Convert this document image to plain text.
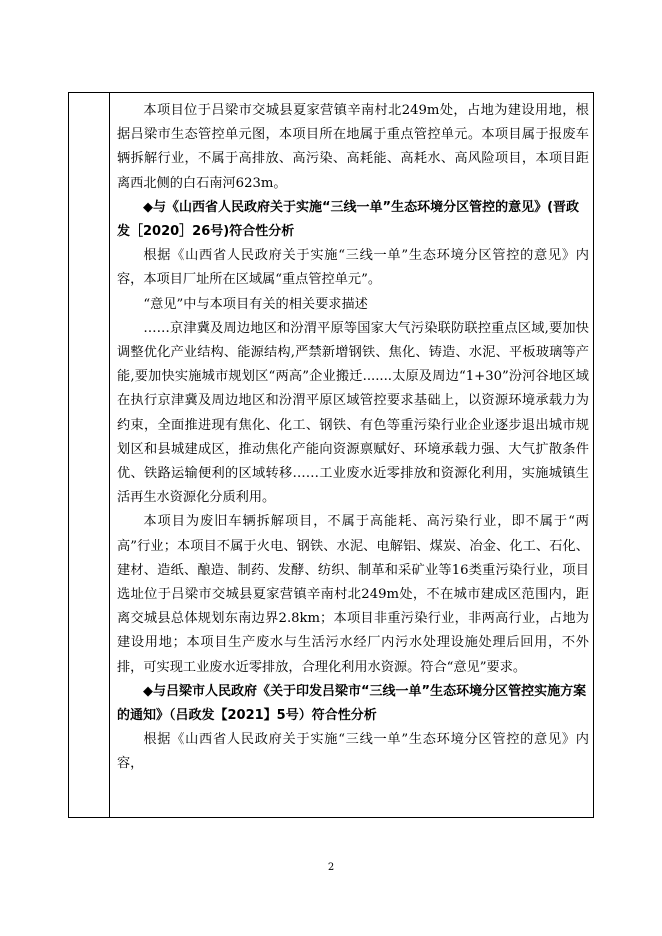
本项目位于吕梁市交城县夏家营镇辛南村北249m处，占地为建设用地，根据吕梁市生态管控单元图，本项目所在地属于重点管控单元。本项目属于报废车辆拆解行业，不属于高排放、高污染、高耗能、高耗水、高风险项目，本项目距离西北侧的白石南河623m。

◆与《山西省人民政府关于实施“三线一单”生态环境分区管控的意见》(晋政发［2020］26号)符合性分析

根据《山西省人民政府关于实施“三线一单”生态环境分区管控的意见》内容，本项目厂址所在区域属“重点管控单元”。

“意见”中与本项目有关的相关要求描述

……京津冀及周边地区和汾渭平原等国家大气污染联防联控重点区域,要加快调整优化产业结构、能源结构,严禁新增钢铁、焦化、铸造、水泥、平板玻璃等产能,要加快实施城市规划区“两高”企业搬迁.......太原及周边“1+30”汾河谷地区域在执行京津冀及周边地区和汾渭平原区域管控要求基础上，以资源环境承载力为约束，全面推进现有焦化、化工、钢铁、有色等重污染行业企业逐步退出城市规划区和县城建成区，推动焦化产能向资源禀赋好、环境承载力强、大气扩散条件优、铁路运输便利的区域转移……工业废水近零排放和资源化利用，实施城镇生活再生水资源化分质利用。

本项目为废旧车辆拆解项目，不属于高能耗、高污染行业，即不属于“两高”行业；本项目不属于火电、钢铁、水泥、电解铝、煤炭、冶金、化工、石化、建材、造纸、酿造、制药、发酵、纺织、制革和采矿业等16类重污染行业，项目选址位于吕梁市交城县夏家营镇辛南村北249m处，不在城市建成区范围内，距离交城县总体规划东南边界2.8km；本项目非重污染行业，非两高行业，占地为建设用地；本项目生产废水与生活污水经厂内污水处理设施处理后回用，不外排，可实现工业废水近零排放，合理化利用水资源。符合“意见”要求。

◆与吕梁市人民政府《关于印发吕梁市“三线一单”生态环境分区管控实施方案的通知》（吕政发【2021】5号）符合性分析

根据《山西省人民政府关于实施“三线一单”生态环境分区管控的意见》内容，

2
